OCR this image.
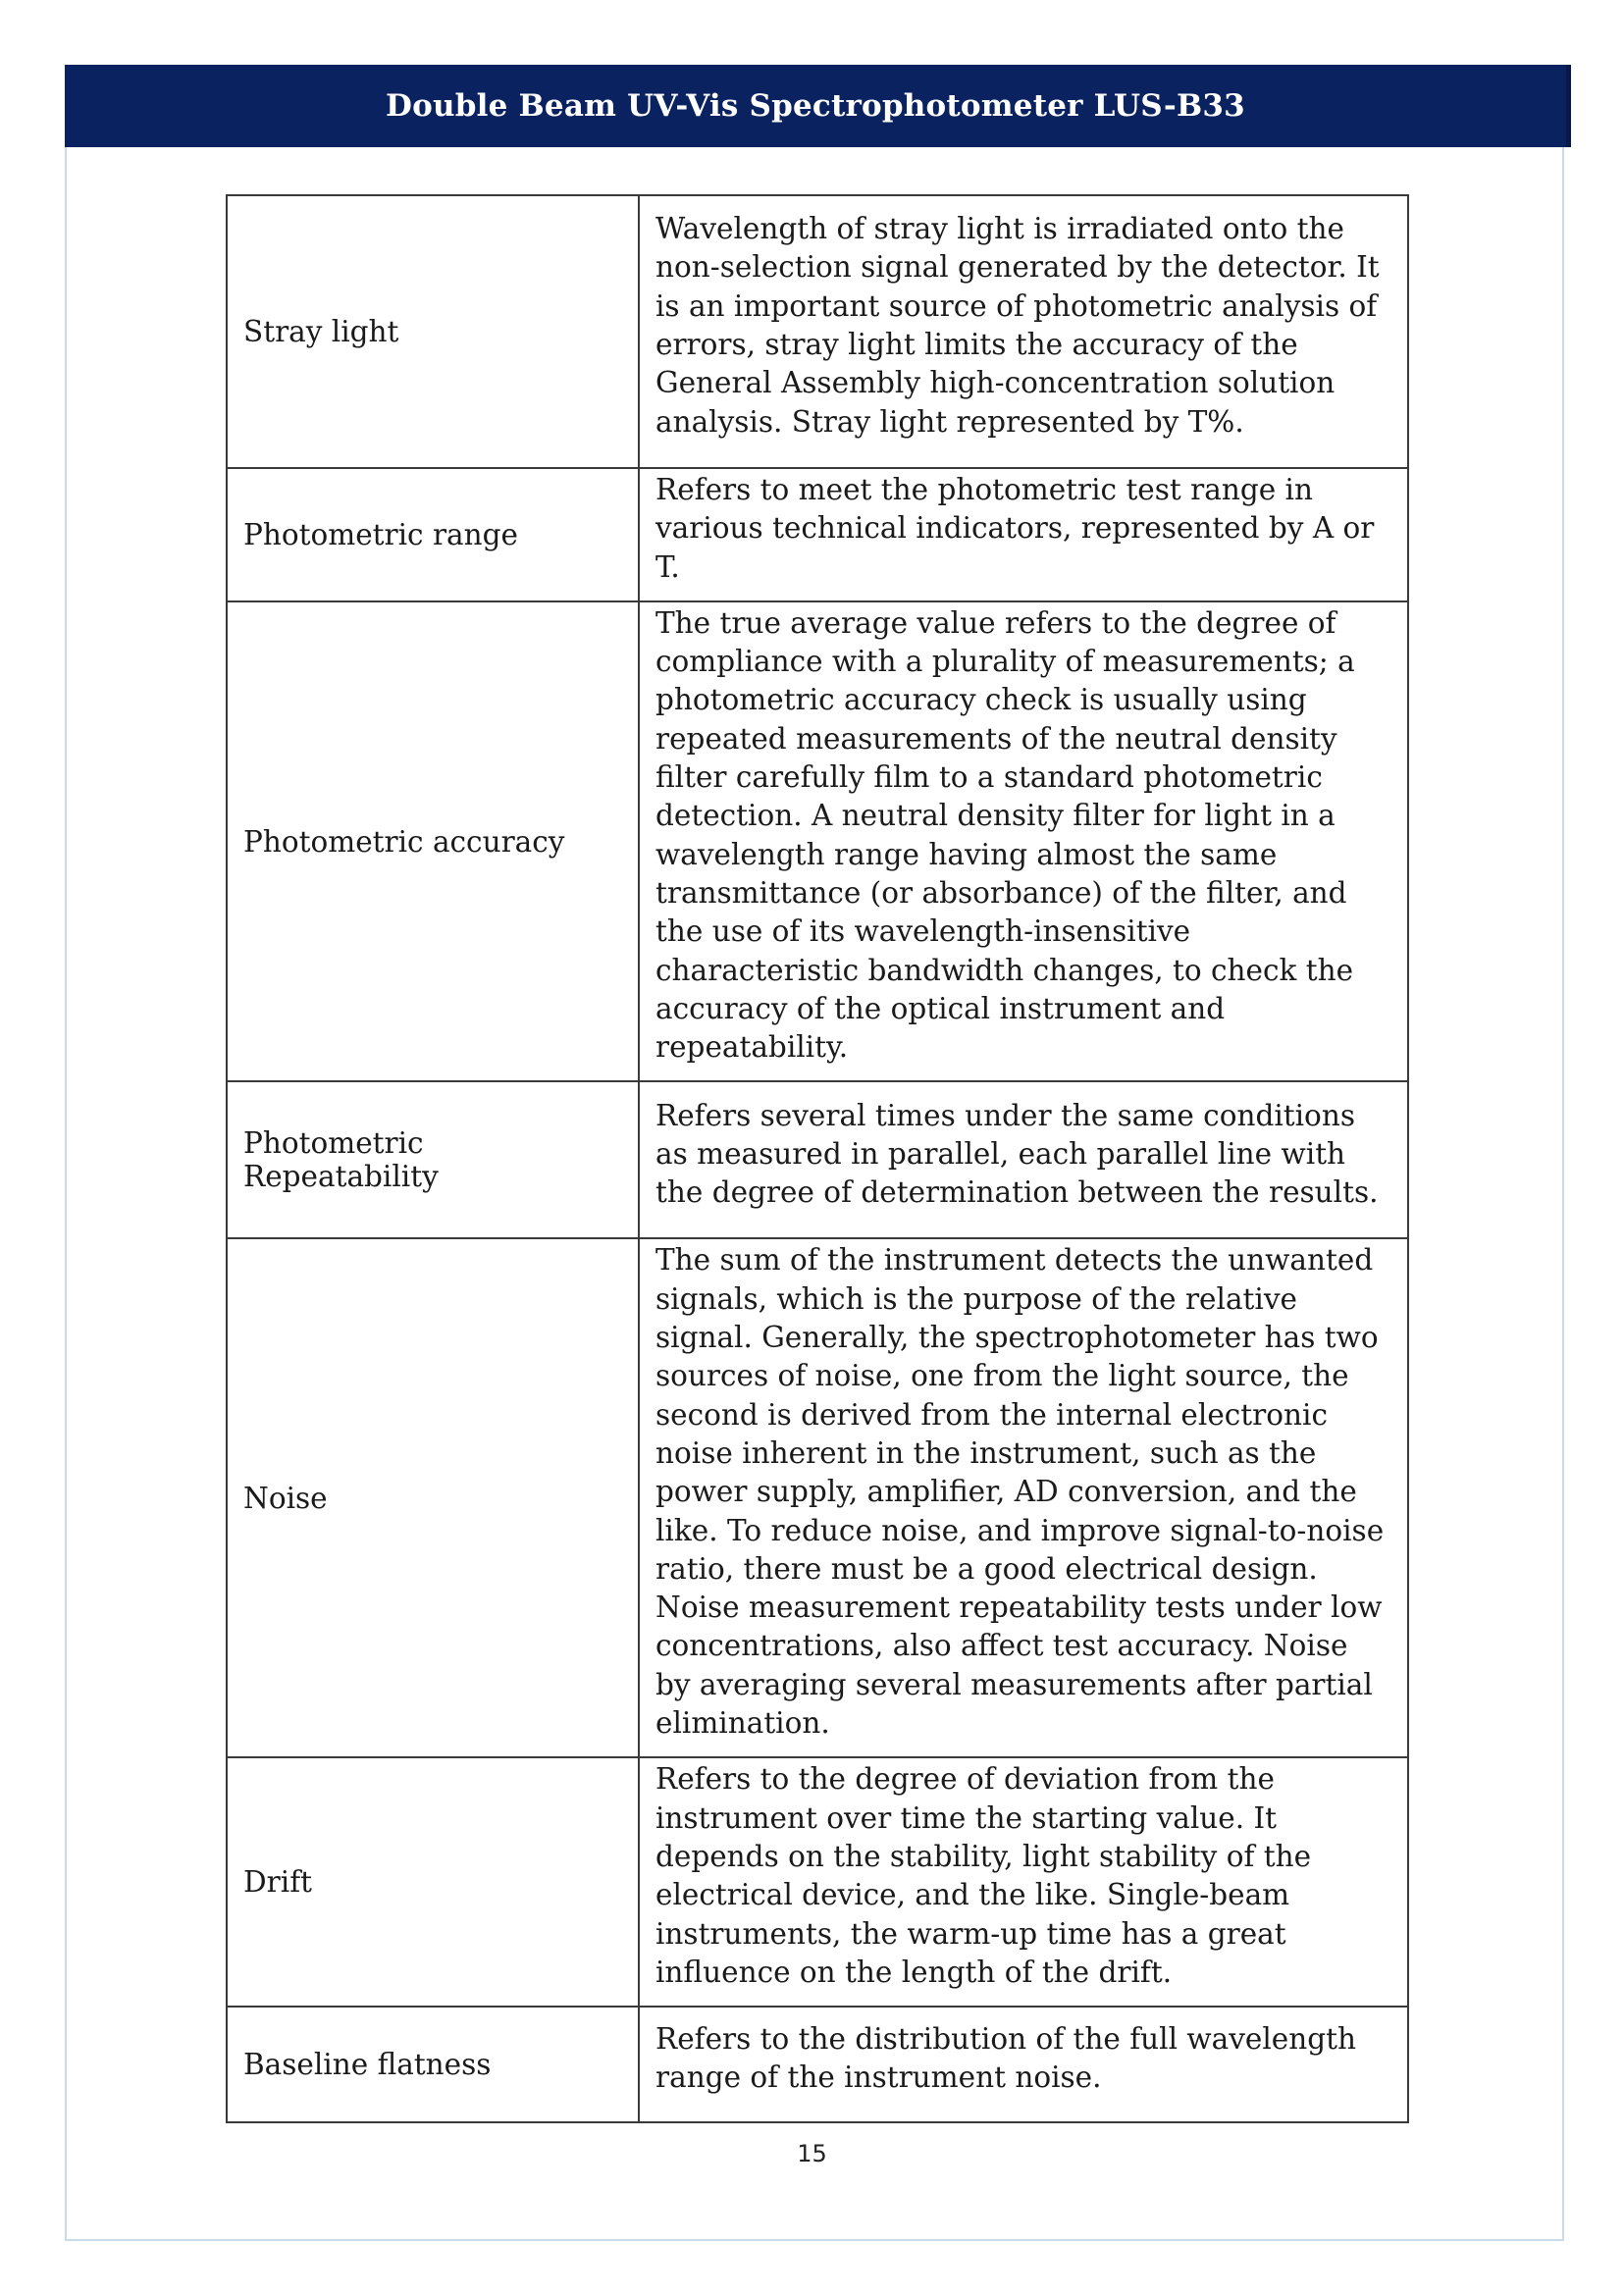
Double Beam UV-Vis Spectrophotometer LUS-B33
Stray light	Wavelength of stray light is irradiated onto the non-selection signal generated by the detector. It is an important source of photometric analysis of errors, stray light limits the accuracy of the General Assembly high-concentration solution analysis. Stray light represented by T%.
Photometric range	Refers to meet the photometric test range in various technical indicators, represented by A or T.
Photometric accuracy	The true average value refers to the degree of compliance with a plurality of measurements; a photometric accuracy check is usually using repeated measurements of the neutral density filter carefully film to a standard photometric detection. A neutral density filter for light in a wavelength range having almost the same transmittance (or absorbance) of the filter, and the use of its wavelength-insensitive characteristic bandwidth changes, to check the accuracy of the optical instrument and repeatability.
Photometric Repeatability	Refers several times under the same conditions as measured in parallel, each parallel line with the degree of determination between the results.
Noise	The sum of the instrument detects the unwanted signals, which is the purpose of the relative signal. Generally, the spectrophotometer has two sources of noise, one from the light source, the second is derived from the internal electronic noise inherent in the instrument, such as the power supply, amplifier, AD conversion, and the like. To reduce noise, and improve signal-to-noise ratio, there must be a good electrical design. Noise measurement repeatability tests under low concentrations, also affect test accuracy. Noise by averaging several measurements after partial elimination.
Drift	Refers to the degree of deviation from the instrument over time the starting value. It depends on the stability, light stability of the electrical device, and the like. Single-beam instruments, the warm-up time has a great influence on the length of the drift.
Baseline flatness	Refers to the distribution of the full wavelength range of the instrument noise.
15
